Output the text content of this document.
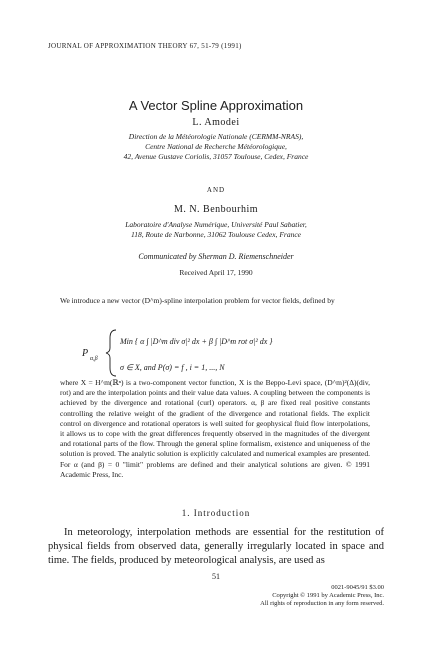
JOURNAL OF APPROXIMATION THEORY 67, 51-79 (1991)
A Vector Spline Approximation
L. Amodei
Direction de la Météorologie Nationale (CERMM-NRAS),
Centre National de Recherche Météorologique,
42, Avenue Gustave Coriolis, 31057 Toulouse, Cedex, France
AND
M. N. Benbourhim
Laboratoire d'Analyse Numérique, Université Paul Sabatier,
118, Route de Narbonne, 31062 Toulouse Cedex, France
Communicated by Sherman D. Riemenschneider
Received April 17, 1990
We introduce a new vector (D^m)-spline interpolation problem for vector fields, defined by
P α,β
Min { α ∫ |D^m div σ|² dx + β ∫ |D^m rot σ|² dx }
σ ∈ X, and P(σ) = f , i = 1, ..., N

where X = H^m(ℝⁿ) is a two-component vector function, X is the Beppo-Levi space, (D^m)²(Δ)(div, rot) and are the interpolation points and their value data values. A coupling between the components is achieved by the divergence and rotational (curl) operators. α, β are fixed real positive constants controlling the relative weight of the gradient of the divergence and rotational fields. The explicit control on divergence and rotational operators is well suited for geophysical fluid flow interpolations, it allows us to cope with the great differences frequently observed in the magnitudes of the divergent and rotational parts of the flow. Through the general spline formalism, existence and uniqueness of the solution is proved. The analytic solution is explicitly calculated and numerical examples are presented. For α (and β) = 0 "limit" problems are defined and their analytical solutions are given. © 1991 Academic Press, Inc.

1. Introduction

In meteorology, interpolation methods are essential for the restitution of physical fields from observed data, generally irregularly located in space and time. The fields, produced by meteorological analysis, are used as

51
0021-9045/91 $3.00
Copyright © 1991 by Academic Press, Inc.
All rights of reproduction in any form reserved.
